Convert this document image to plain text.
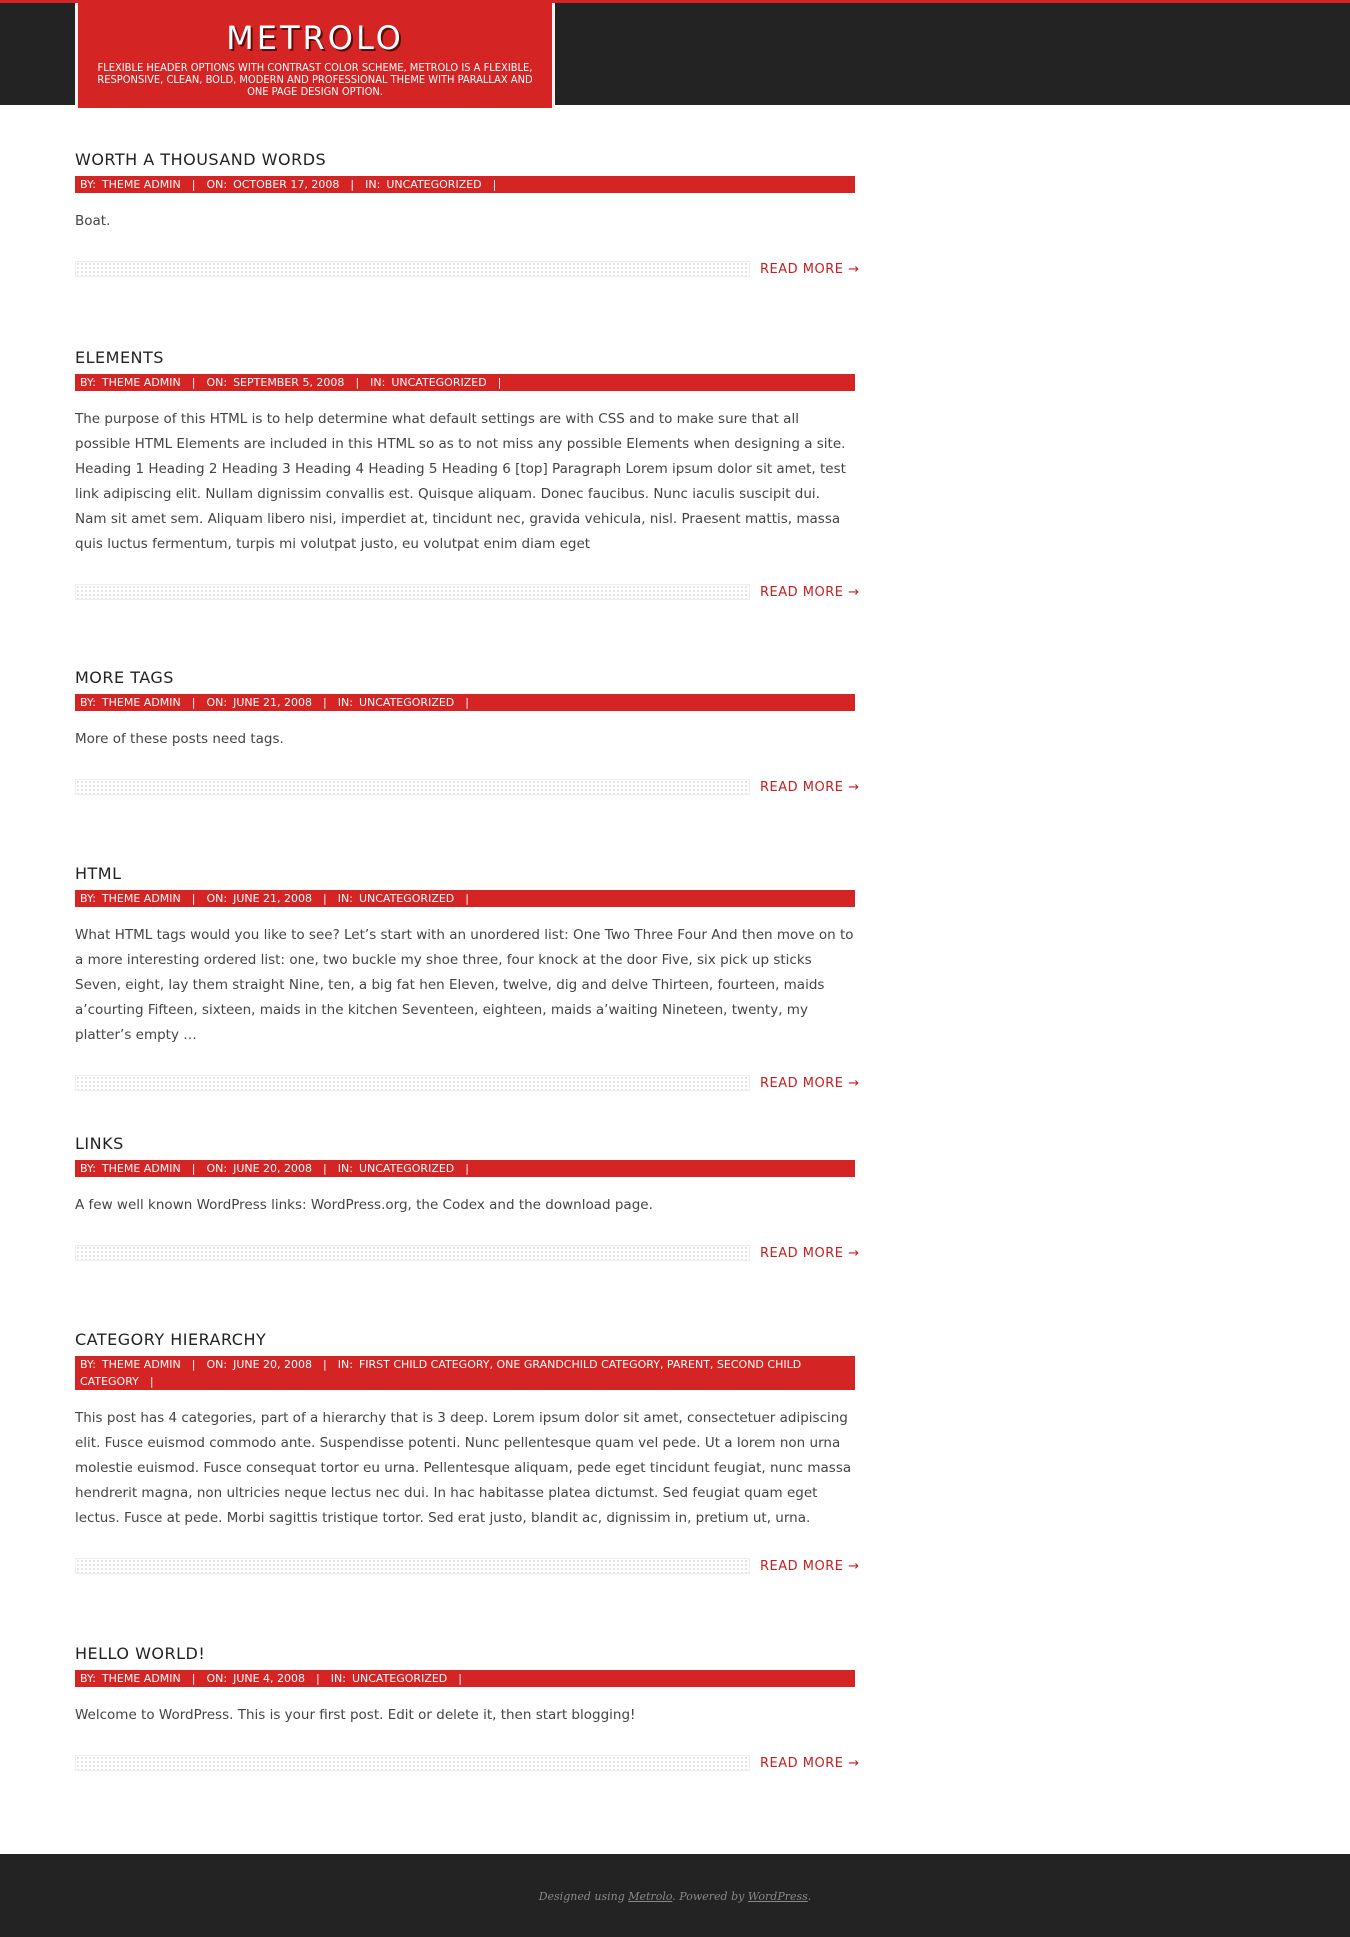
METROLO
FLEXIBLE HEADER OPTIONS WITH CONTRAST COLOR SCHEME, METROLO IS A FLEXIBLE, RESPONSIVE, CLEAN, BOLD, MODERN AND PROFESSIONAL THEME WITH PARALLAX AND ONE PAGE DESIGN OPTION.
WORTH A THOUSAND WORDS
BY: THEME ADMIN | ON: OCTOBER 17, 2008 | IN: UNCATEGORIZED |

Boat.

READ MORE →
ELEMENTS
BY: THEME ADMIN | ON: SEPTEMBER 5, 2008 | IN: UNCATEGORIZED |

The purpose of this HTML is to help determine what default settings are with CSS and to make sure that all possible HTML Elements are included in this HTML so as to not miss any possible Elements when designing a site. Heading 1 Heading 2 Heading 3 Heading 4 Heading 5 Heading 6 [top] Paragraph Lorem ipsum dolor sit amet, test link adipiscing elit. Nullam dignissim convallis est. Quisque aliquam. Donec faucibus. Nunc iaculis suscipit dui. Nam sit amet sem. Aliquam libero nisi, imperdiet at, tincidunt nec, gravida vehicula, nisl. Praesent mattis, massa quis luctus fermentum, turpis mi volutpat justo, eu volutpat enim diam eget

READ MORE →
MORE TAGS
BY: THEME ADMIN | ON: JUNE 21, 2008 | IN: UNCATEGORIZED |

More of these posts need tags.

READ MORE →
HTML
BY: THEME ADMIN | ON: JUNE 21, 2008 | IN: UNCATEGORIZED |

What HTML tags would you like to see? Let’s start with an unordered list: One Two Three Four And then move on to a more interesting ordered list: one, two buckle my shoe three, four knock at the door Five, six pick up sticks Seven, eight, lay them straight Nine, ten, a big fat hen Eleven, twelve, dig and delve Thirteen, fourteen, maids a’courting Fifteen, sixteen, maids in the kitchen Seventeen, eighteen, maids a’waiting Nineteen, twenty, my platter’s empty …

READ MORE →
LINKS
BY: THEME ADMIN | ON: JUNE 20, 2008 | IN: UNCATEGORIZED |

A few well known WordPress links: WordPress.org, the Codex and the download page.

READ MORE →
CATEGORY HIERARCHY
BY: THEME ADMIN | ON: JUNE 20, 2008 | IN: FIRST CHILD CATEGORY, ONE GRANDCHILD CATEGORY, PARENT, SECOND CHILD CATEGORY |

This post has 4 categories, part of a hierarchy that is 3 deep. Lorem ipsum dolor sit amet, consectetuer adipiscing elit. Fusce euismod commodo ante. Suspendisse potenti. Nunc pellentesque quam vel pede. Ut a lorem non urna molestie euismod. Fusce consequat tortor eu urna. Pellentesque aliquam, pede eget tincidunt feugiat, nunc massa hendrerit magna, non ultricies neque lectus nec dui. In hac habitasse platea dictumst. Sed feugiat quam eget lectus. Fusce at pede. Morbi sagittis tristique tortor. Sed erat justo, blandit ac, dignissim in, pretium ut, urna.

READ MORE →
HELLO WORLD!
BY: THEME ADMIN | ON: JUNE 4, 2008 | IN: UNCATEGORIZED |

Welcome to WordPress. This is your first post. Edit or delete it, then start blogging!

READ MORE →
Designed using Metrolo. Powered by WordPress.
